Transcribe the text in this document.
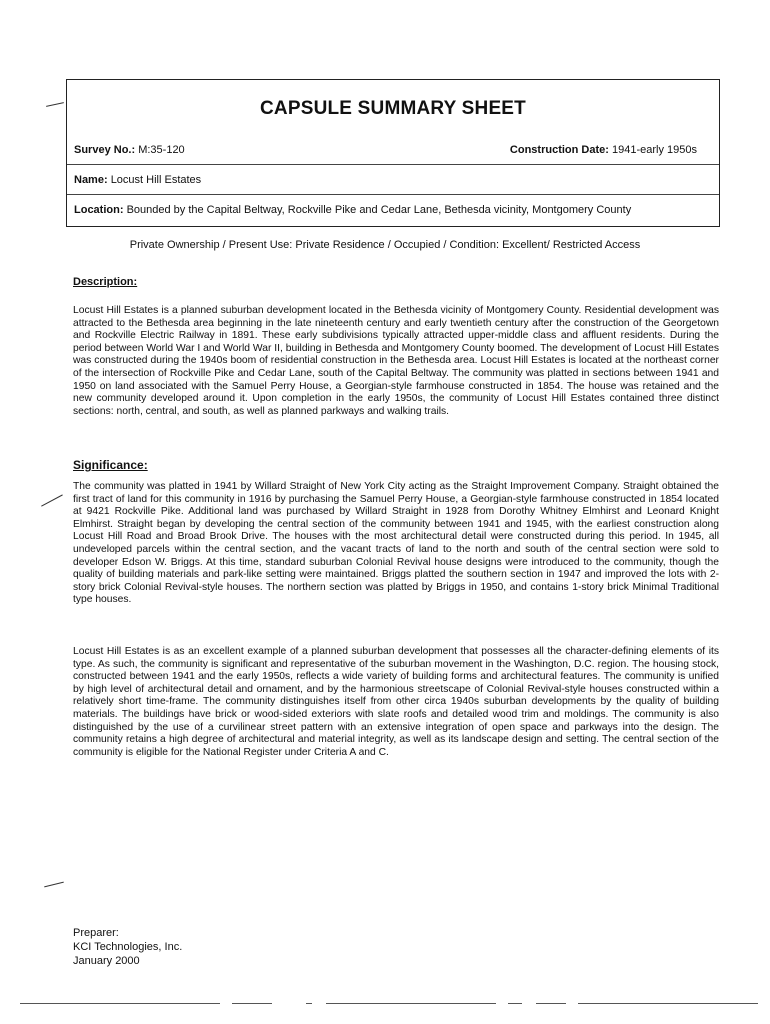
CAPSULE SUMMARY SHEET
Survey No.: M:35-120	Construction Date: 1941-early 1950s
Name: Locust Hill Estates
Location: Bounded by the Capital Beltway, Rockville Pike and Cedar Lane, Bethesda vicinity, Montgomery County
Private Ownership / Present Use: Private Residence / Occupied / Condition: Excellent/ Restricted Access
Description:

Locust Hill Estates is a planned suburban development located in the Bethesda vicinity of Montgomery County. Residential development was attracted to the Bethesda area beginning in the late nineteenth century and early twentieth century after the construction of the Georgetown and Rockville Electric Railway in 1891. These early subdivisions typically attracted upper-middle class and affluent residents. During the period between World War I and World War II, building in Bethesda and Montgomery County boomed. The development of Locust Hill Estates was constructed during the 1940s boom of residential construction in the Bethesda area. Locust Hill Estates is located at the northeast corner of the intersection of Rockville Pike and Cedar Lane, south of the Capital Beltway. The community was platted in sections between 1941 and 1950 on land associated with the Samuel Perry House, a Georgian-style farmhouse constructed in 1854. The house was retained and the new community developed around it. Upon completion in the early 1950s, the community of Locust Hill Estates contained three distinct sections: north, central, and south, as well as planned parkways and walking trails.

Significance:

The community was platted in 1941 by Willard Straight of New York City acting as the Straight Improvement Company. Straight obtained the first tract of land for this community in 1916 by purchasing the Samuel Perry House, a Georgian-style farmhouse constructed in 1854 located at 9421 Rockville Pike. Additional land was purchased by Willard Straight in 1928 from Dorothy Whitney Elmhirst and Leonard Knight Elmhirst. Straight began by developing the central section of the community between 1941 and 1945, with the earliest construction along Locust Hill Road and Broad Brook Drive. The houses with the most architectural detail were constructed during this period. In 1945, all undeveloped parcels within the central section, and the vacant tracts of land to the north and south of the central section were sold to developer Edson W. Briggs. At this time, standard suburban Colonial Revival house designs were introduced to the community, though the quality of building materials and park-like setting were maintained. Briggs platted the southern section in 1947 and improved the lots with 2-story brick Colonial Revival-style houses. The northern section was platted by Briggs in 1950, and contains 1-story brick Minimal Traditional type houses.

Locust Hill Estates is as an excellent example of a planned suburban development that possesses all the character-defining elements of its type. As such, the community is significant and representative of the suburban movement in the Washington, D.C. region. The housing stock, constructed between 1941 and the early 1950s, reflects a wide variety of building forms and architectural features. The community is unified by high level of architectural detail and ornament, and by the harmonious streetscape of Colonial Revival-style houses constructed within a relatively short time-frame. The community distinguishes itself from other circa 1940s suburban developments by the quality of building materials. The buildings have brick or wood-sided exteriors with slate roofs and detailed wood trim and moldings. The community is also distinguished by the use of a curvilinear street pattern with an extensive integration of open space and parkways into the design. The community retains a high degree of architectural and material integrity, as well as its landscape design and setting. The central section of the community is eligible for the National Register under Criteria A and C.

Preparer:
KCI Technologies, Inc.
January 2000
